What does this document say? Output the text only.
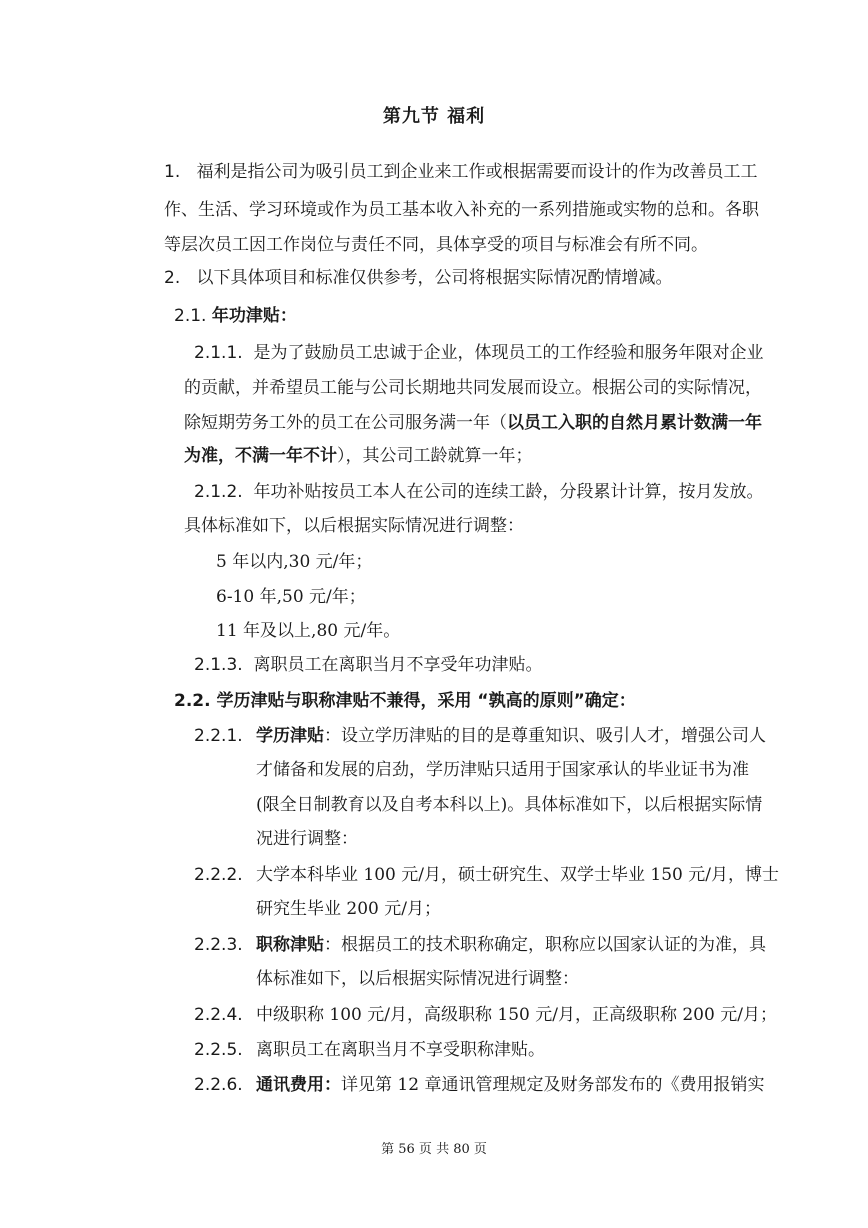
第九节 福利
1. 福利是指公司为吸引员工到企业来工作或根据需要而设计的作为改善员工工
作、生活、学习环境或作为员工基本收入补充的一系列措施或实物的总和。各职
等层次员工因工作岗位与责任不同，具体享受的项目与标准会有所不同。
2. 以下具体项目和标准仅供参考，公司将根据实际情况酌情增减。
2.1. 年功津贴：
2.1.1. 是为了鼓励员工忠诚于企业，体现员工的工作经验和服务年限对企业
的贡献，并希望员工能与公司长期地共同发展而设立。根据公司的实际情况，
除短期劳务工外的员工在公司服务满一年（以员工入职的自然月累计数满一年
为准，不满一年不计），其公司工龄就算一年；
2.1.2. 年功补贴按员工本人在公司的连续工龄，分段累计计算，按月发放。
具体标准如下，以后根据实际情况进行调整：
5 年以内,30 元/年；
6-10 年,50 元/年；
11 年及以上,80 元/年。
2.1.3. 离职员工在离职当月不享受年功津贴。
2.2. 学历津贴与职称津贴不兼得，采用 “孰高的原则”确定：
2.2.1. 学历津贴：设立学历津贴的目的是尊重知识、吸引人才，增强公司人
才储备和发展的启劲，学历津贴只适用于国家承认的毕业证书为准
(限全日制教育以及自考本科以上)。具体标准如下，以后根据实际情
况进行调整：
2.2.2. 大学本科毕业 100 元/月，硕士研究生、双学士毕业 150 元/月，博士
研究生毕业 200 元/月；
2.2.3. 职称津贴：根据员工的技术职称确定，职称应以国家认证的为准，具
体标准如下，以后根据实际情况进行调整：
2.2.4. 中级职称 100 元/月，高级职称 150 元/月，正高级职称 200 元/月；
2.2.5. 离职员工在离职当月不享受职称津贴。
2.2.6. 通讯费用：详见第 12 章通讯管理规定及财务部发布的《费用报销实
第 56 页 共 80 页
